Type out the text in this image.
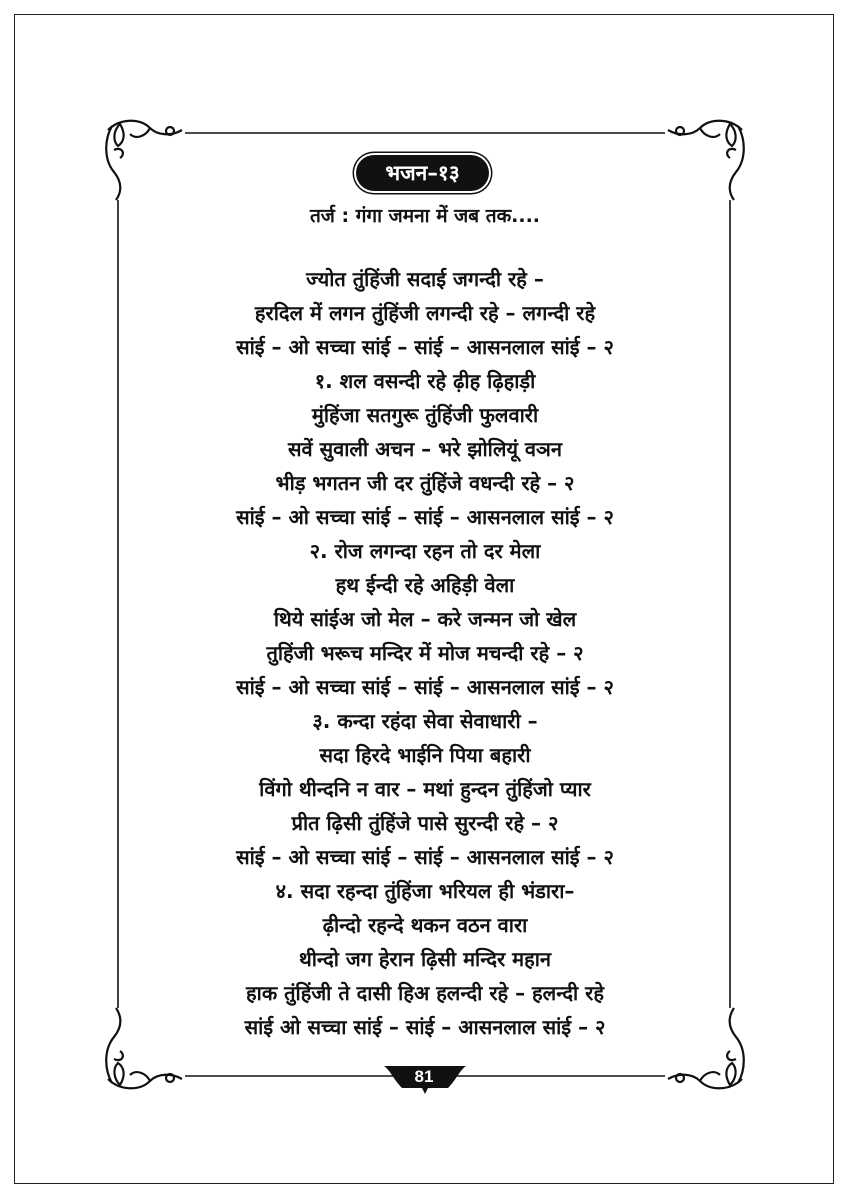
भजन–१३
तर्ज : गंगा जमना में जब तक....
ज्योत तुंहिंजी सदाई जगन्दी रहे –
हरदिल में लगन तुंहिंजी लगन्दी रहे – लगन्दी रहे
सांई – ओ सच्चा सांई – सांई – आसनलाल सांई – २
१. शल वसन्दी रहे ढ़ीह ढ़िहाड़ी
मुंहिंजा सतगुरू तुंहिंजी फुलवारी
सवें सुवाली अचन – भरे झोलियूं वञन
भीड़ भगतन जी दर तुंहिंजे वधन्दी रहे – २
सांई – ओ सच्चा सांई – सांई – आसनलाल सांई – २
२. रोज लगन्दा रहन तो दर मेला
हथ ईन्दी रहे अहिड़ी वेला
थिये सांईअ जो मेल – करे जन्मन जो खेल
तुहिंजी भरूच मन्दिर में मोज मचन्दी रहे – २
सांई – ओ सच्चा सांई – सांई – आसनलाल सांई – २
३. कन्दा रहंदा सेवा सेवाधारी –
सदा हिरदे भाईनि पिया बहारी
विंगो थीन्दनि न वार – मथां हुन्दन तुंहिंजो प्यार
प्रीत ढ़िसी तुंहिंजे पासे सुरन्दी रहे – २
सांई – ओ सच्चा सांई – सांई – आसनलाल सांई – २
४. सदा रहन्दा तुंहिंजा भरियल ही भंडारा–
ढ़ीन्दो रहन्दे थकन वठन वारा
थीन्दो जग हेरान ढ़िसी मन्दिर महान
हाक तुंहिंजी ते दासी हिअ हलन्दी रहे – हलन्दी रहे
सांई ओ सच्चा सांई – सांई – आसनलाल सांई – २
81
